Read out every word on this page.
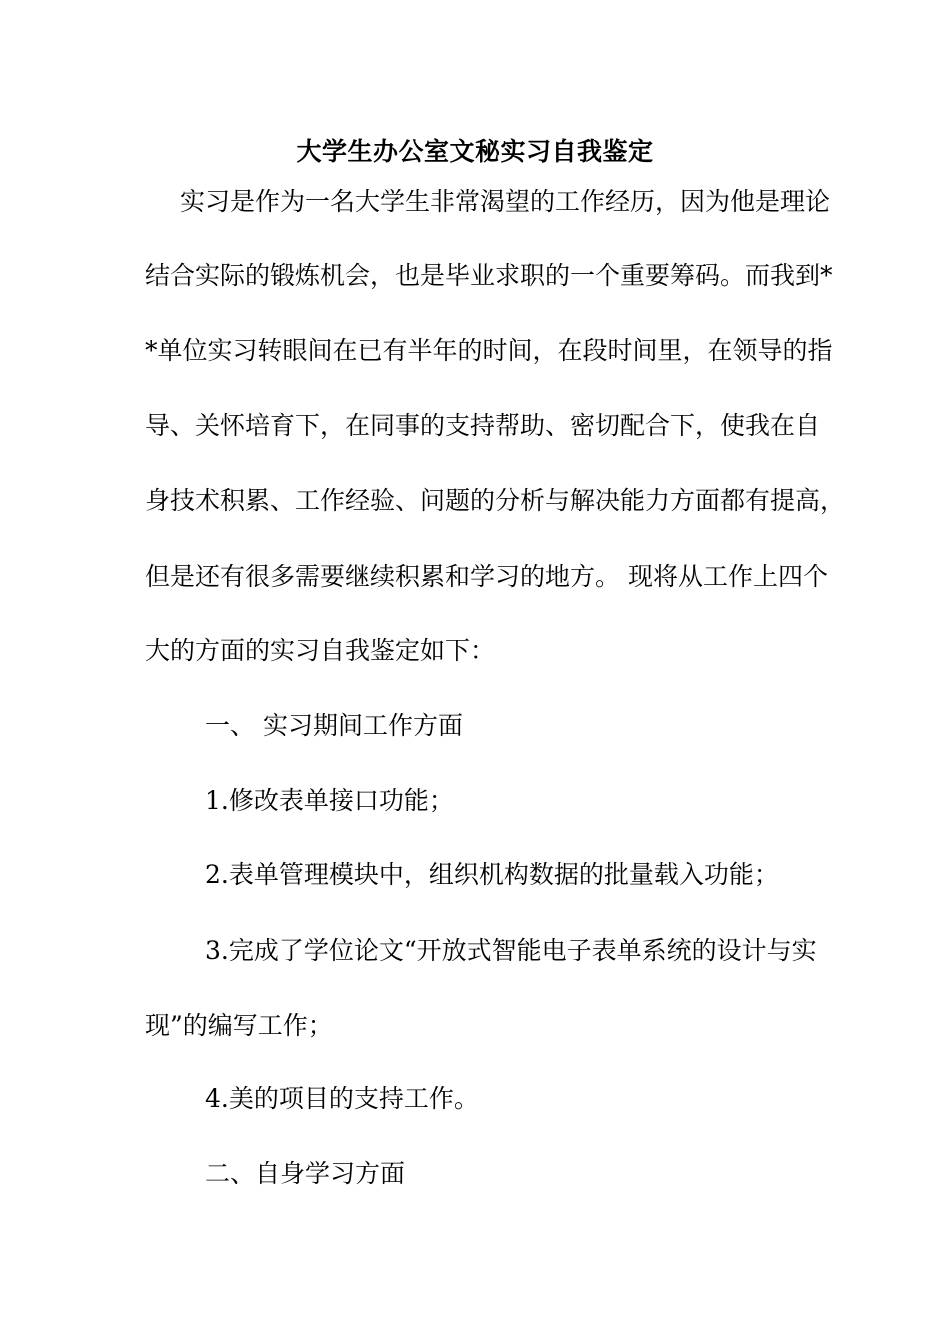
大学生办公室文秘实习自我鉴定

实习是作为一名大学生非常渴望的工作经历，因为他是理论

结合实际的锻炼机会，也是毕业求职的一个重要筹码。而我到*

*单位实习转眼间在已有半年的时间，在段时间里，在领导的指

导、关怀培育下，在同事的支持帮助、密切配合下，使我在自

身技术积累、工作经验、问题的分析与解决能力方面都有提高，

但是还有很多需要继续积累和学习的地方。 现将从工作上四个

大的方面的实习自我鉴定如下：

一、 实习期间工作方面

1.修改表单接口功能；

2.表单管理模块中，组织机构数据的批量载入功能；

3.完成了学位论文“开放式智能电子表单系统的设计与实

现”的编写工作；

4.美的项目的支持工作。

二、自身学习方面
